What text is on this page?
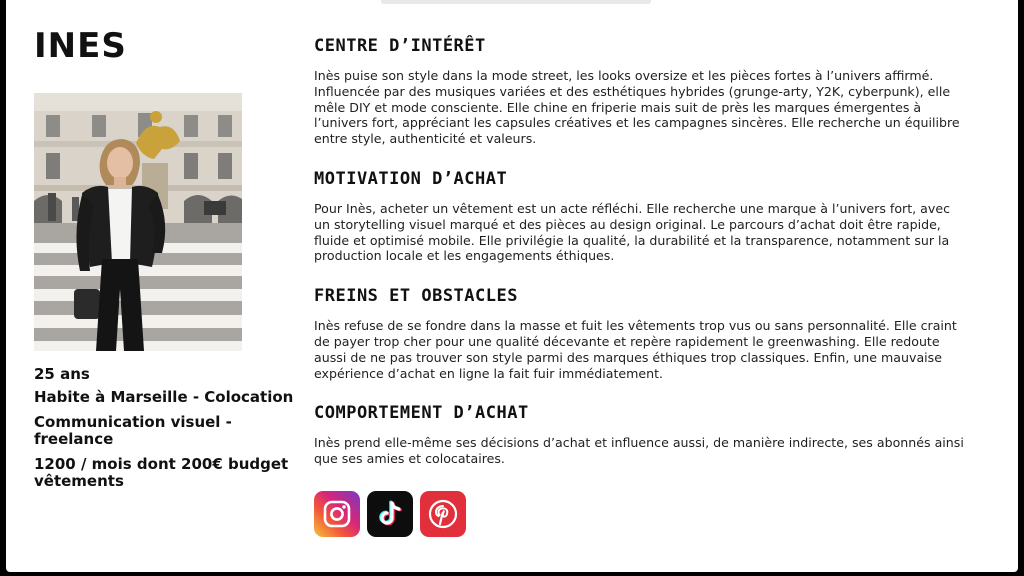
INES

25 ans

Habite à Marseille - Colocation

Communication visuel - freelance

1200 / mois dont 200€ budget vêtements

CENTRE D’INTÉRÊT

Inès puise son style dans la mode street, les looks oversize et les pièces fortes à l’univers affirmé. Influencée par des musiques variées et des esthétiques hybrides (grunge-arty, Y2K, cyberpunk), elle mêle DIY et mode consciente. Elle chine en friperie mais suit de près les marques émergentes à l’univers fort, appréciant les capsules créatives et les campagnes sincères. Elle recherche un équilibre entre style, authenticité et valeurs.

MOTIVATION D’ACHAT

Pour Inès, acheter un vêtement est un acte réfléchi. Elle recherche une marque à l’univers fort, avec un storytelling visuel marqué et des pièces au design original. Le parcours d’achat doit être rapide, fluide et optimisé mobile. Elle privilégie la qualité, la durabilité et la transparence, notamment sur la production locale et les engagements éthiques.

FREINS ET OBSTACLES

Inès refuse de se fondre dans la masse et fuit les vêtements trop vus ou sans personnalité. Elle craint de payer trop cher pour une qualité décevante et repère rapidement le greenwashing. Elle redoute aussi de ne pas trouver son style parmi des marques éthiques trop classiques. Enfin, une mauvaise expérience d’achat en ligne la fait fuir immédiatement.

COMPORTEMENT D’ACHAT

Inès prend elle-même ses décisions d’achat et influence aussi, de manière indirecte, ses abonnés ainsi que ses amies et colocataires.
